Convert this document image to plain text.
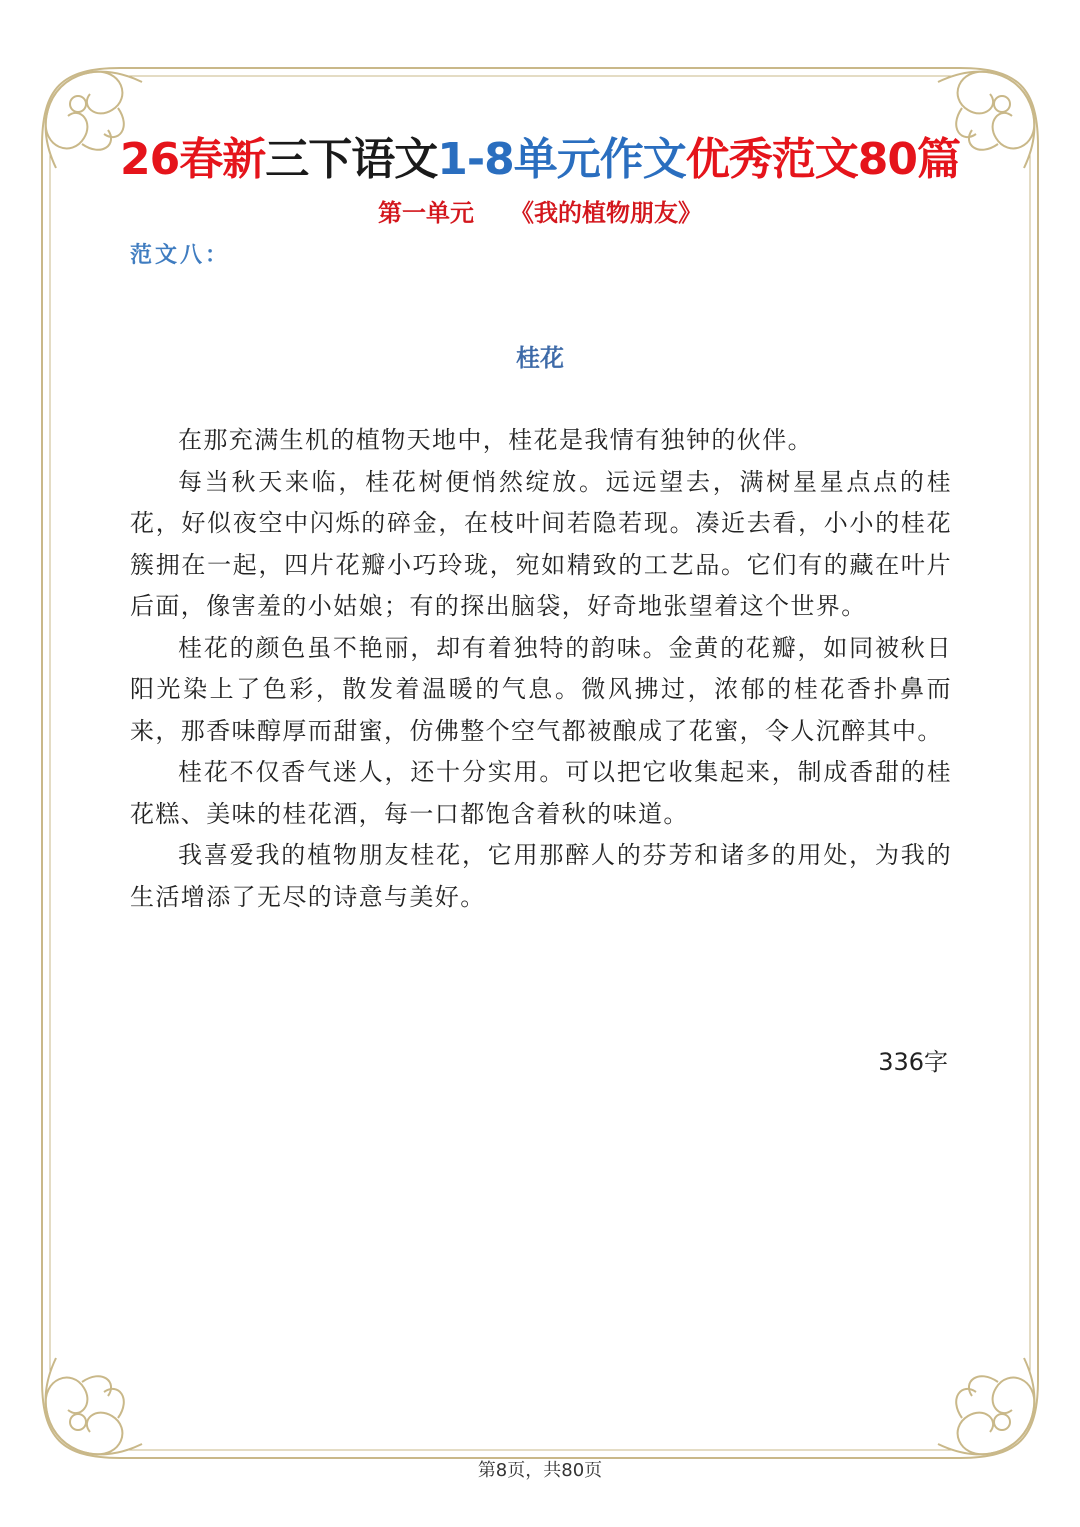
26春新三下语文1-8单元作文优秀范文80篇
第一单元 《我的植物朋友》
范文八：
桂花

在那充满生机的植物天地中，桂花是我情有独钟的伙伴。

每当秋天来临，桂花树便悄然绽放。远远望去，满树星星点点的桂花，好似夜空中闪烁的碎金，在枝叶间若隐若现。凑近去看，小小的桂花簇拥在一起，四片花瓣小巧玲珑，宛如精致的工艺品。它们有的藏在叶片后面，像害羞的小姑娘；有的探出脑袋，好奇地张望着这个世界。

桂花的颜色虽不艳丽，却有着独特的韵味。金黄的花瓣，如同被秋日阳光染上了色彩，散发着温暖的气息。微风拂过，浓郁的桂花香扑鼻而来，那香味醇厚而甜蜜，仿佛整个空气都被酿成了花蜜，令人沉醉其中。

桂花不仅香气迷人，还十分实用。可以把它收集起来，制成香甜的桂花糕、美味的桂花酒，每一口都饱含着秋的味道。

我喜爱我的植物朋友桂花，它用那醉人的芬芳和诸多的用处，为我的生活增添了无尽的诗意与美好。

336字
第8页，共80页
